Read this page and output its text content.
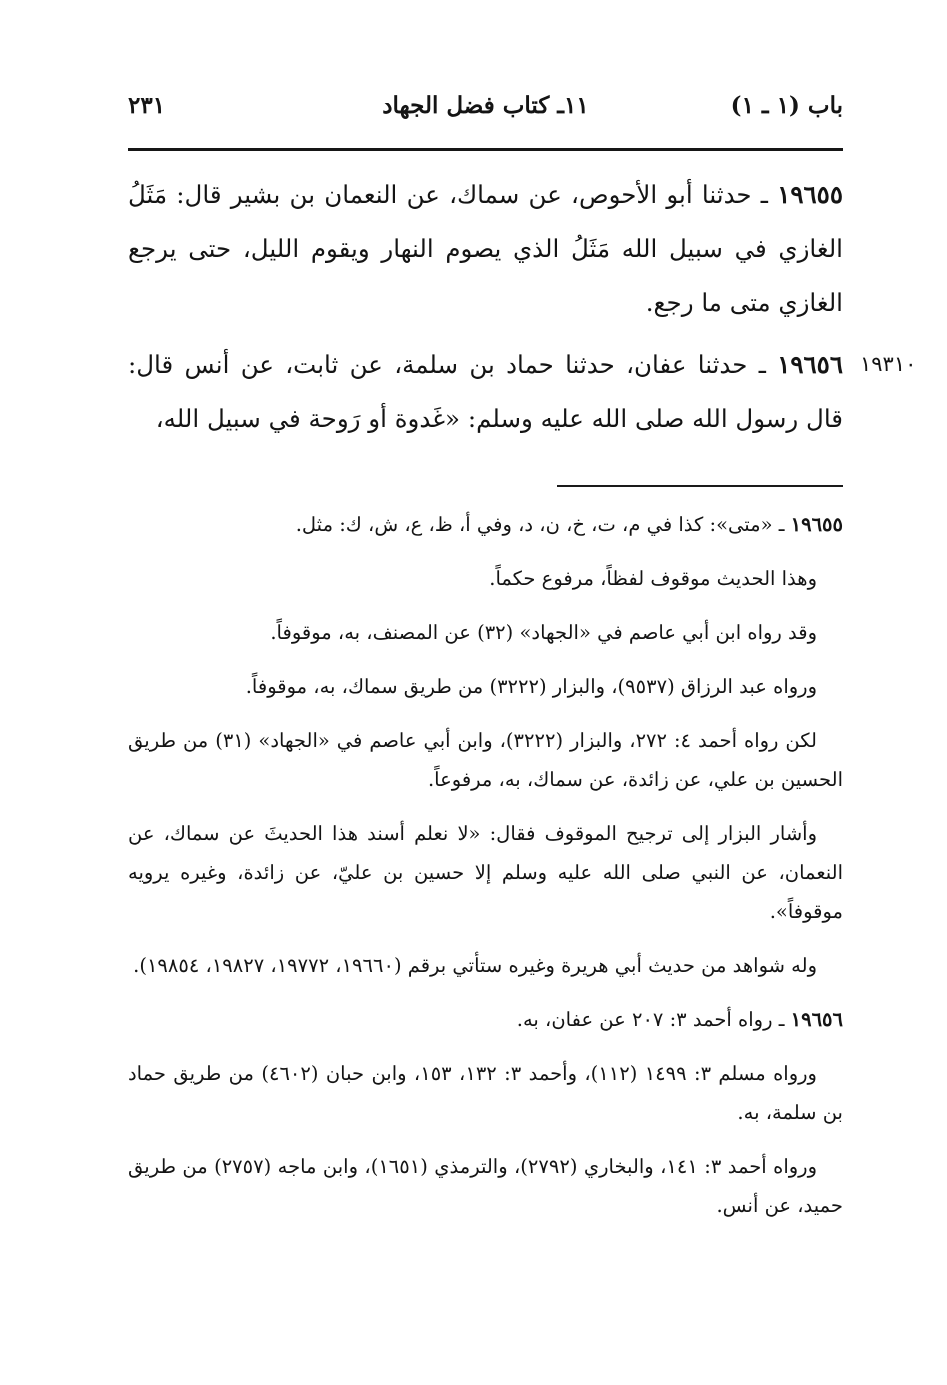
٢٣١	١١ـ كتاب فضل الجهاد	باب (١ ـ ١)
١٩٦٥٥ ـ حدثنا أبو الأحوص، عن سماك، عن النعمان بن بشير قال: مَثَلُ الغازي في سبيل الله مَثَلُ الذي يصوم النهار ويقوم الليل، حتى يرجع الغازي متى ما رجع.
١٩٦٥٦ ـ حدثنا عفان، حدثنا حماد بن سلمة، عن ثابت، عن أنس قال: قال رسول الله صلى الله عليه وسلم: «غَدوة أو رَوحة في سبيل الله،
١٩٣١٠

١٩٦٥٥ ـ «متى»: كذا في م، ت، خ، ن، د، وفي أ، ظ، ع، ش، ك: مثل.

وهذا الحديث موقوف لفظاً، مرفوع حكماً.

وقد رواه ابن أبي عاصم في «الجهاد» (٣٢) عن المصنف، به، موقوفاً.

ورواه عبد الرزاق (٩٥٣٧)، والبزار (٣٢٢٢) من طريق سماك، به، موقوفاً.

لكن رواه أحمد ٤: ٢٧٢، والبزار (٣٢٢٢)، وابن أبي عاصم في «الجهاد» (٣١) من طريق الحسين بن علي، عن زائدة، عن سماك، به، مرفوعاً.

وأشار البزار إلى ترجيح الموقوف فقال: «لا نعلم أسند هذا الحديثَ عن سماك، عن النعمان، عن النبي صلى الله عليه وسلم إلا حسين بن عليّ، عن زائدة، وغيره يرويه موقوفاً».

وله شواهد من حديث أبي هريرة وغيره ستأتي برقم (١٩٦٦٠، ١٩٧٧٢، ١٩٨٢٧، ١٩٨٥٤).

١٩٦٥٦ ـ رواه أحمد ٣: ٢٠٧ عن عفان، به.

ورواه مسلم ٣: ١٤٩٩ (١١٢)، وأحمد ٣: ١٣٢، ١٥٣، وابن حبان (٤٦٠٢) من طريق حماد بن سلمة، به.

ورواه أحمد ٣: ١٤١، والبخاري (٢٧٩٢)، والترمذي (١٦٥١)، وابن ماجه (٢٧٥٧) من طريق حميد، عن أنس.
